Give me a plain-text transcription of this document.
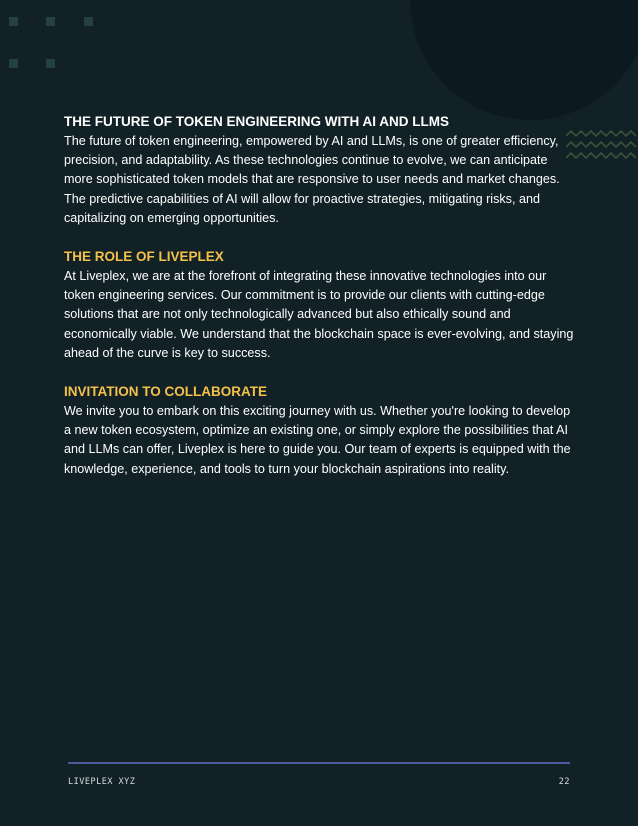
THE FUTURE OF TOKEN ENGINEERING WITH AI AND LLMS

The future of token engineering, empowered by AI and LLMs, is one of greater efficiency, precision, and adaptability. As these technologies continue to evolve, we can anticipate more sophisticated token models that are responsive to user needs and market changes. The predictive capabilities of AI will allow for proactive strategies, mitigating risks, and capitalizing on emerging opportunities.

THE ROLE OF LIVEPLEX

At Liveplex, we are at the forefront of integrating these innovative technologies into our token engineering services. Our commitment is to provide our clients with cutting-edge solutions that are not only technologically advanced but also ethically sound and economically viable. We understand that the blockchain space is ever-evolving, and staying ahead of the curve is key to success.

INVITATION TO COLLABORATE

We invite you to embark on this exciting journey with us. Whether you're looking to develop a new token ecosystem, optimize an existing one, or simply explore the possibilities that AI and LLMs can offer, Liveplex is here to guide you. Our team of experts is equipped with the knowledge, experience, and tools to turn your blockchain aspirations into reality.

LIVEPLEX XYZ	22
